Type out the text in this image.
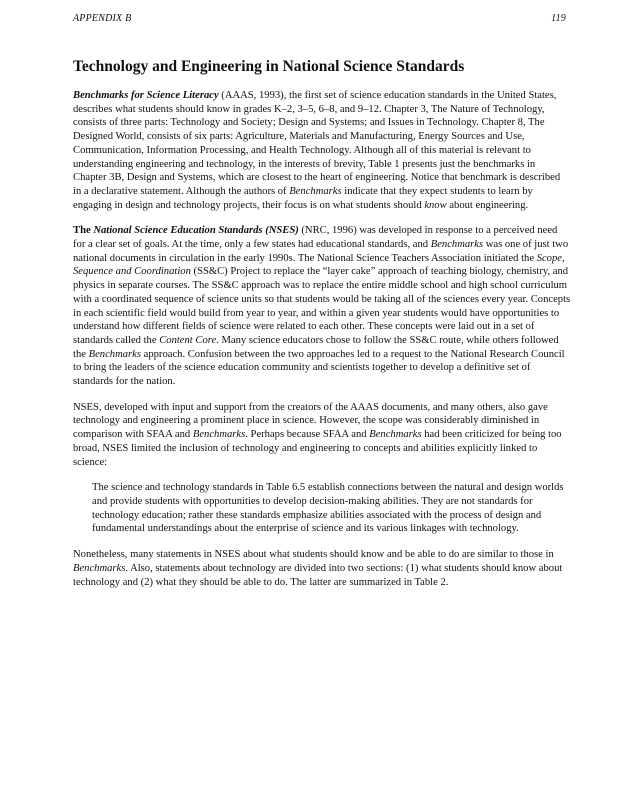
APPENDIX B	119
Technology and Engineering in National Science Standards

Benchmarks for Science Literacy (AAAS, 1993), the first set of science education standards in the United States, describes what students should know in grades K–2, 3–5, 6–8, and 9–12. Chapter 3, The Nature of Technology, consists of three parts: Technology and Society; Design and Systems; and Issues in Technology. Chapter 8, The Designed World, consists of six parts: Agriculture, Materials and Manufacturing, Energy Sources and Use, Communication, Information Processing, and Health Technology. Although all of this material is relevant to understanding engineering and technology, in the interests of brevity, Table 1 presents just the benchmarks in Chapter 3B, Design and Systems, which are closest to the heart of engineering. Notice that benchmark is described in a declarative statement. Although the authors of Benchmarks indicate that they expect students to learn by engaging in design and technology projects, their focus is on what students should know about engineering.

The National Science Education Standards (NSES) (NRC, 1996) was developed in response to a perceived need for a clear set of goals. At the time, only a few states had educational standards, and Benchmarks was one of just two national documents in circulation in the early 1990s. The National Science Teachers Association initiated the Scope, Sequence and Coordination (SS&C) Project to replace the “layer cake” approach of teaching biology, chemistry, and physics in separate courses. The SS&C approach was to replace the entire middle school and high school curriculum with a coordinated sequence of science units so that students would be taking all of the sciences every year. Concepts in each scientific field would build from year to year, and within a given year students would have opportunities to understand how different fields of science were related to each other. These concepts were laid out in a set of standards called the Content Core. Many science educators chose to follow the SS&C route, while others followed the Benchmarks approach. Confusion between the two approaches led to a request to the National Research Council to bring the leaders of the science education community and scientists together to develop a definitive set of standards for the nation.

NSES, developed with input and support from the creators of the AAAS documents, and many others, also gave technology and engineering a prominent place in science. However, the scope was considerably diminished in comparison with SFAA and Benchmarks. Perhaps because SFAA and Benchmarks had been criticized for being too broad, NSES limited the inclusion of technology and engineering to concepts and abilities explicitly linked to science:

The science and technology standards in Table 6.5 establish connections between the natural and design worlds and provide students with opportunities to develop decision-making abilities. They are not standards for technology education; rather these standards emphasize abilities associated with the process of design and fundamental understandings about the enterprise of science and its various linkages with technology.

Nonetheless, many statements in NSES about what students should know and be able to do are similar to those in Benchmarks. Also, statements about technology are divided into two sections: (1) what students should know about technology and (2) what they should be able to do. The latter are summarized in Table 2.
